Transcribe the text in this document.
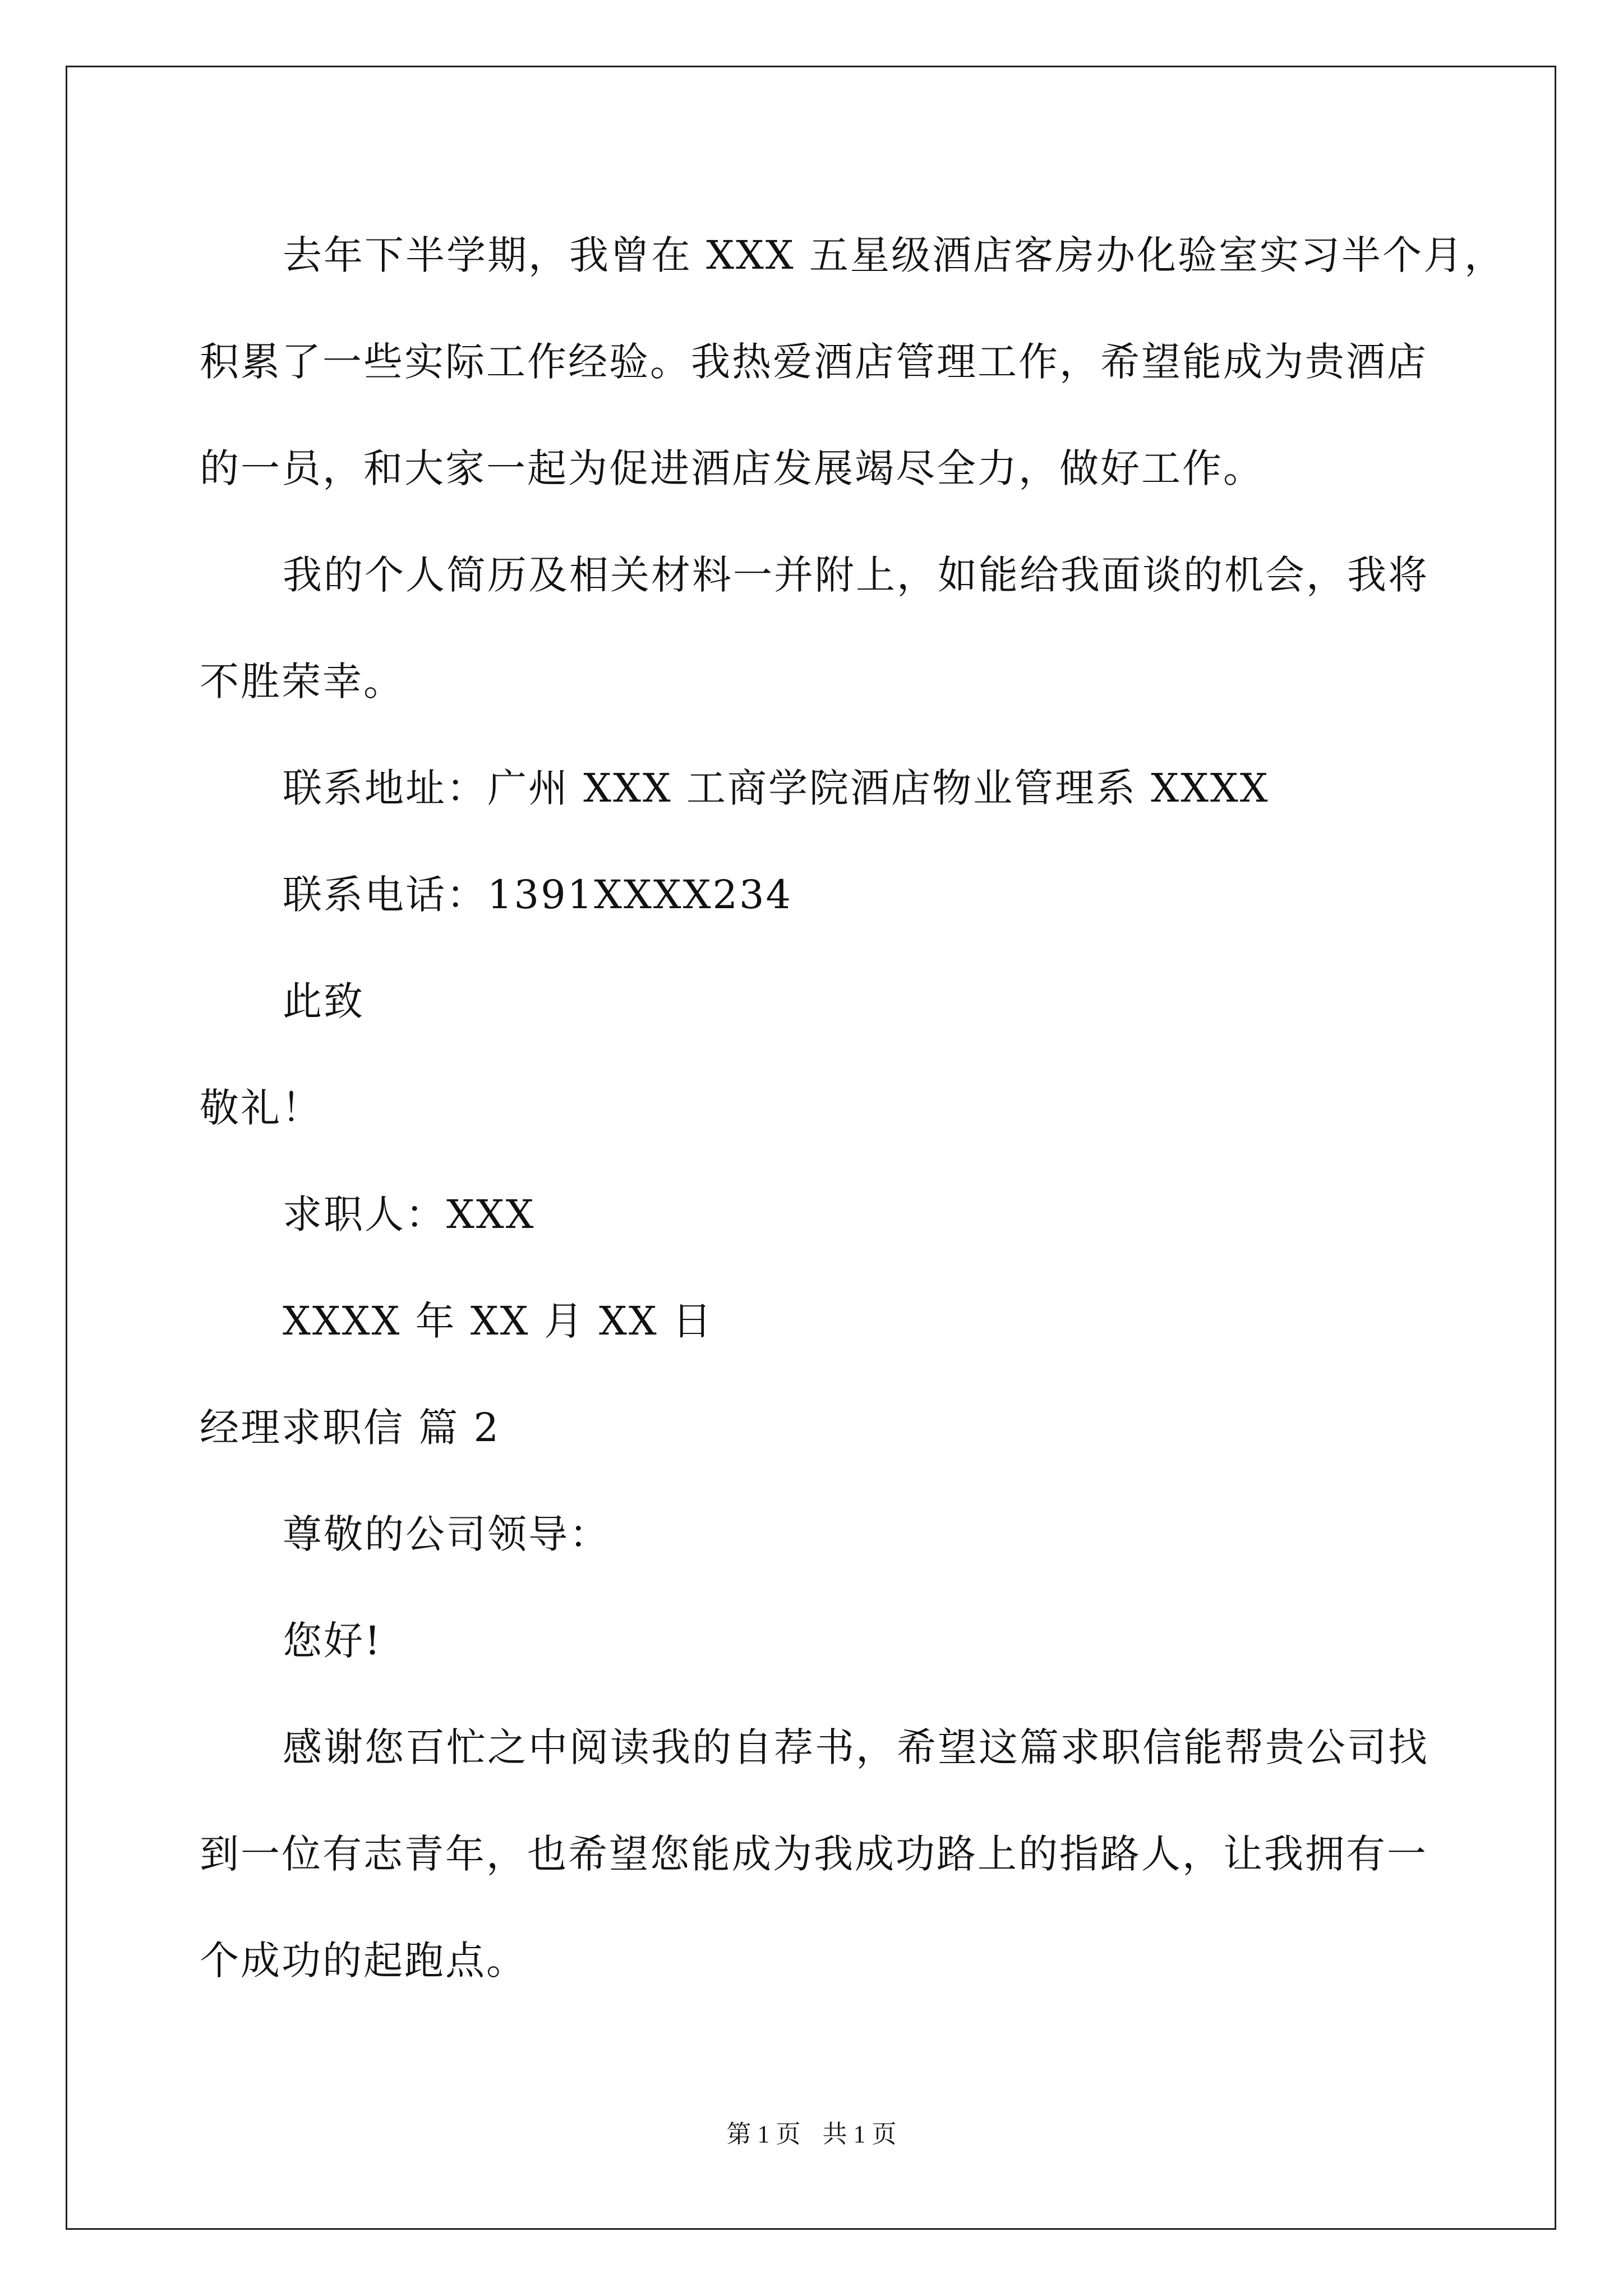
去年下半学期，我曾在 XXX 五星级酒店客房办化验室实习半个月，
积累了一些实际工作经验。我热爱酒店管理工作，希望能成为贵酒店
的一员，和大家一起为促进酒店发展竭尽全力，做好工作。
我的个人简历及相关材料一并附上，如能给我面谈的机会，我将
不胜荣幸。
联系地址：广州 XXX 工商学院酒店物业管理系 XXXX
联系电话：1391XXXX234
此致
敬礼！
求职人：XXX
XXXX 年 XX 月 XX 日
经理求职信 篇 2
尊敬的公司领导：
您好!
感谢您百忙之中阅读我的自荐书，希望这篇求职信能帮贵公司找
到一位有志青年，也希望您能成为我成功路上的指路人，让我拥有一
个成功的起跑点。
第 1 页 共 1 页
